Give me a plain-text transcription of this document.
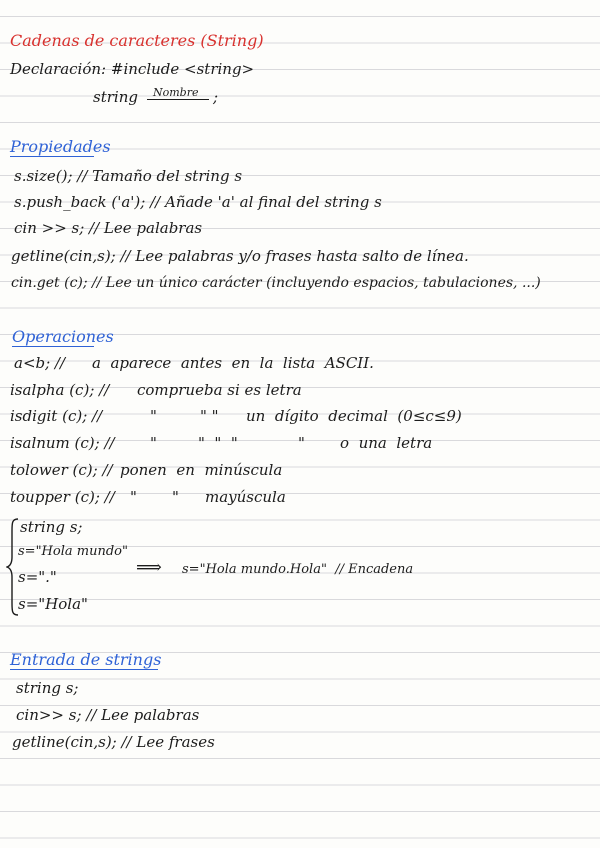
Cadenas de caracteres (String)
Declaración: #include <string>
string Nombre ;
Propiedades
s.size(); // Tamaño del string s
s.push_back ('a'); // Añade 'a' al final del string s
cin >> s; // Lee palabras
getline(cin,s); // Lee palabras y/o frases hasta salto de línea.
cin.get (c); // Lee un único carácter (incluyendo espacios, tabulaciones, ...)
Operaciones
a<b; // a  aparece  antes  en  la  lista  ASCII.
isalpha (c); // comprueba si es letra
isdigit (c); //	"	" " un  dígito  decimal  (0≤c≤9)
isalnum (c); // "	"  "  "	" o  una  letra
tolower (c); // ponen  en  minúscula
toupper (c); // " " mayúscula
string s;
s="Hola mundo"
s="."
s="Hola"
⟹ s="Hola mundo.Hola"  // Encadena
Entrada de strings
string s;
cin>> s; // Lee palabras
getline(cin,s); // Lee frases
